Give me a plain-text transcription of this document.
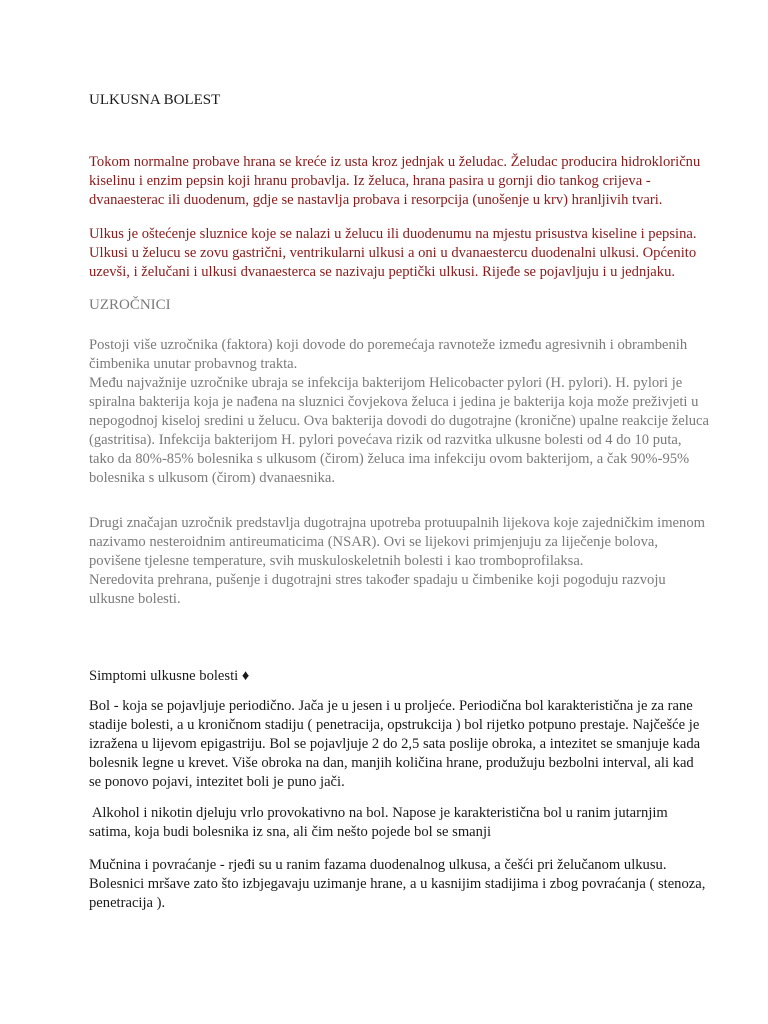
ULKUSNA BOLEST

Tokom normalne probave hrana se kreće iz usta kroz jednjak u želudac. Želudac producira hidrokloričnu
kiselinu i enzim pepsin koji hranu probavlja. Iz želuca, hrana pasira u gornji dio tankog crijeva -
dvanaesterac ili duodenum, gdje se nastavlja probava i resorpcija (unošenje u krv) hranljivih tvari.

Ulkus je oštećenje sluznice koje se nalazi u želucu ili duodenumu na mjestu prisustva kiseline i pepsina.
Ulkusi u želucu se zovu gastrični, ventrikularni ulkusi a oni u dvanaestercu duodenalni ulkusi. Općenito
uzevši, i želučani i ulkusi dvanaesterca se nazivaju peptički ulkusi. Rijeđe se pojavljuju i u jednjaku.

UZROČNICI

Postoji više uzročnika (faktora) koji dovode do poremećaja ravnoteže između agresivnih i obrambenih
čimbenika unutar probavnog trakta.
Među najvažnije uzročnike ubraja se infekcija bakterijom Helicobacter pylori (H. pylori). H. pylori je
spiralna bakterija koja je nađena na sluznici čovjekova želuca i jedina je bakterija koja može preživjeti u
nepogodnoj kiseloj sredini u želucu. Ova bakterija dovodi do dugotrajne (kronične) upalne reakcije želuca
(gastritisa). Infekcija bakterijom H. pylori povećava rizik od razvitka ulkusne bolesti od 4 do 10 puta,
tako da 80%-85% bolesnika s ulkusom (čirom) želuca ima infekciju ovom bakterijom, a čak 90%-95%
bolesnika s ulkusom (čirom) dvanaesnika.

Drugi značajan uzročnik predstavlja dugotrajna upotreba protuupalnih lijekova koje zajedničkim imenom
nazivamo nesteroidnim antireumaticima (NSAR). Ovi se lijekovi primjenjuju za liječenje bolova,
povišene tjelesne temperature, svih muskuloskeletnih bolesti i kao tromboprofilaksa.
Neredovita prehrana, pušenje i dugotrajni stres također spadaju u čimbenike koji pogoduju razvoju
ulkusne bolesti.

Simptomi ulkusne bolesti ♦

Bol - koja se pojavljuje periodično. Jača je u jesen i u proljeće. Periodična bol karakteristična je za rane
stadije bolesti, a u kroničnom stadiju ( penetracija, opstrukcija ) bol rijetko potpuno prestaje. Najčešće je
izražena u lijevom epigastriju. Bol se pojavljuje 2 do 2,5 sata poslije obroka, a intezitet se smanjuje kada
bolesnik legne u krevet. Više obroka na dan, manjih količina hrane, produžuju bezbolni interval, ali kad
se ponovo pojavi, intezitet boli je puno jači.

Alkohol i nikotin djeluju vrlo provokativno na bol. Napose je karakteristična bol u ranim jutarnjim
satima, koja budi bolesnika iz sna, ali čim nešto pojede bol se smanji

Mučnina i povraćanje - rjeđi su u ranim fazama duodenalnog ulkusa, a češći pri želučanom ulkusu.
Bolesnici mršave zato što izbjegavaju uzimanje hrane, a u kasnijim stadijima i zbog povraćanja ( stenoza,
penetracija ).
